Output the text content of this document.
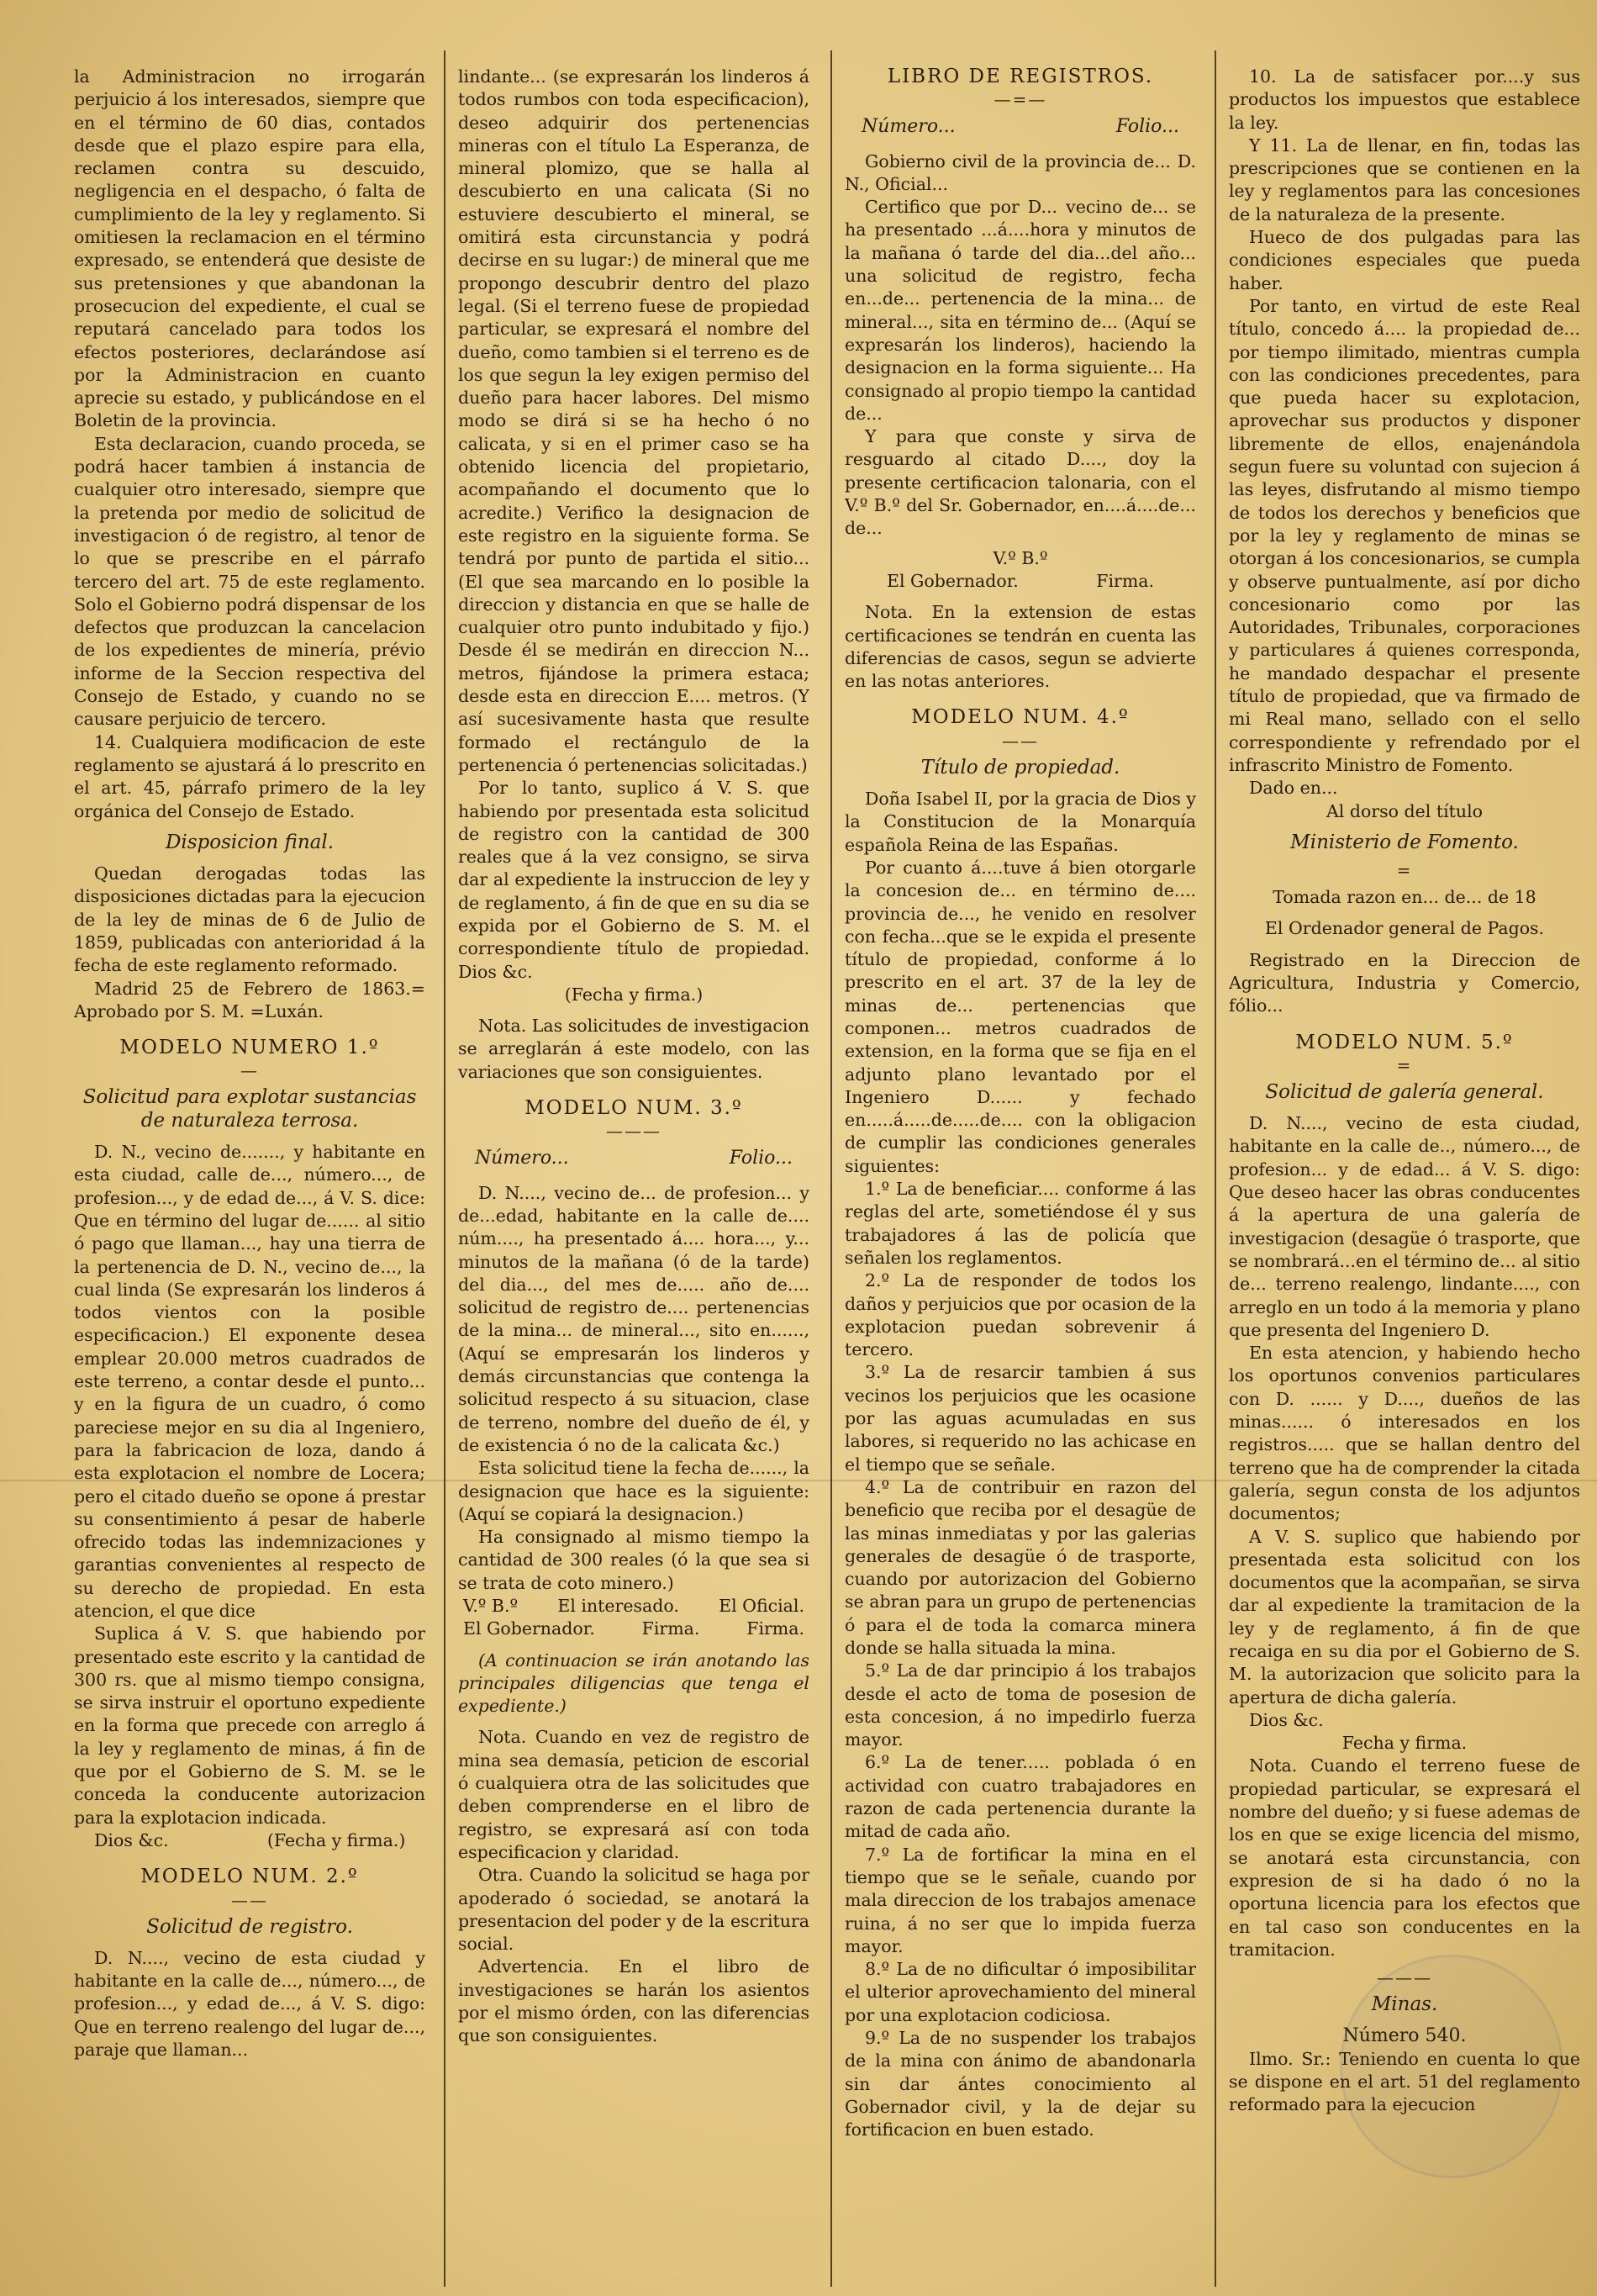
la Administracion no irrogarán perjuicio á los interesados, siempre que en el término de 60 dias, contados desde que el plazo espire para ella, reclamen contra su descuido, negligencia en el despacho, ó falta de cumplimiento de la ley y reglamento. Si omitiesen la reclamacion en el término expresado, se entenderá que desiste de sus pretensiones y que abandonan la prosecucion del expediente, el cual se reputará cancelado para todos los efectos posteriores, declarándose así por la Administracion en cuanto aprecie su estado, y publicándose en el Boletin de la provincia.

Esta declaracion, cuando proceda, se podrá hacer tambien á instancia de cualquier otro interesado, siempre que la pretenda por medio de solicitud de investigacion ó de registro, al tenor de lo que se prescribe en el párrafo tercero del art. 75 de este reglamento. Solo el Gobierno podrá dispensar de los defectos que produzcan la cancelacion de los expedientes de minería, prévio informe de la Seccion respectiva del Consejo de Estado, y cuando no se causare perjuicio de tercero.

14. Cualquiera modificacion de este reglamento se ajustará á lo prescrito en el art. 45, párrafo primero de la ley orgánica del Consejo de Estado.

Disposicion final.

Quedan derogadas todas las disposiciones dictadas para la ejecucion de la ley de minas de 6 de Julio de 1859, publicadas con anterioridad á la fecha de este reglamento reformado.

Madrid 25 de Febrero de 1863.= Aprobado por S. M. =Luxán.

MODELO NUMERO 1.º
—
Solicitud para explotar sustancias de naturaleza terrosa.

D. N., vecino de......., y habitante en esta ciudad, calle de..., número..., de profesion..., y de edad de..., á V. S. dice: Que en término del lugar de...... al sitio ó pago que llaman..., hay una tierra de la pertenencia de D. N., vecino de..., la cual linda (Se expresarán los linderos á todos vientos con la posible especificacion.) El exponente desea emplear 20.000 metros cuadrados de este terreno, a contar desde el punto... y en la figura de un cuadro, ó como pareciese mejor en su dia al Ingeniero, para la fabricacion de loza, dando á esta explotacion el nombre de Locera; pero el citado dueño se opone á prestar su consentimiento á pesar de haberle ofrecido todas las indemnizaciones y garantias convenientes al respecto de su derecho de propiedad. En esta atencion, el que dice

Suplica á V. S. que habiendo por presentado este escrito y la cantidad de 300 rs. que al mismo tiempo consigna, se sirva instruir el oportuno expediente en la forma que precede con arreglo á la ley y reglamento de minas, á fin de que por el Gobierno de S. M. se le conceda la conducente autorizacion para la explotacion indicada.

Dios &c.                  (Fecha y firma.)

MODELO NUM. 2.º
——
Solicitud de registro.

D. N...., vecino de esta ciudad y habitante en la calle de..., número..., de profesion..., y edad de..., á V. S. digo: Que en terreno realengo del lugar de..., paraje que llaman...

lindante... (se expresarán los linderos á todos rumbos con toda especificacion), deseo adquirir dos pertenencias mineras con el título La Esperanza, de mineral plomizo, que se halla al descubierto en una calicata (Si no estuviere descubierto el mineral, se omitirá esta circunstancia y podrá decirse en su lugar:) de mineral que me propongo descubrir dentro del plazo legal. (Si el terreno fuese de propiedad particular, se expresará el nombre del dueño, como tambien si el terreno es de los que segun la ley exigen permiso del dueño para hacer labores. Del mismo modo se dirá si se ha hecho ó no calicata, y si en el primer caso se ha obtenido licencia del propietario, acompañando el documento que lo acredite.) Verifico la designacion de este registro en la siguiente forma. Se tendrá por punto de partida el sitio... (El que sea marcando en lo posible la direccion y distancia en que se halle de cualquier otro punto indubitado y fijo.) Desde él se medirán en direccion N... metros, fijándose la primera estaca; desde esta en direccion E.... metros. (Y así sucesivamente hasta que resulte formado el rectángulo de la pertenencia ó pertenencias solicitadas.)

Por lo tanto, suplico á V. S. que habiendo por presentada esta solicitud de registro con la cantidad de 300 reales que á la vez consigno, se sirva dar al expediente la instruccion de ley y de reglamento, á fin de que en su dia se expida por el Gobierno de S. M. el correspondiente título de propiedad. Dios &c.

(Fecha y firma.)

Nota. Las solicitudes de investigacion se arreglarán á este modelo, con las variaciones que son consiguientes.

MODELO NUM. 3.º
———
Número...	Folio...

D. N...., vecino de... de profesion... y de...edad, habitante en la calle de.... núm...., ha presentado á.... hora..., y... minutos de la mañana (ó de la tarde) del dia..., del mes de..... año de.... solicitud de registro de.... pertenencias de la mina... de mineral..., sito en......, (Aquí se empresarán los linderos y demás circunstancias que contenga la solicitud respecto á su situacion, clase de terreno, nombre del dueño de él, y de existencia ó no de la calicata &c.)

Esta solicitud tiene la fecha de......, la designacion que hace es la siguiente: (Aquí se copiará la designacion.)

Ha consignado al mismo tiempo la cantidad de 300 reales (ó la que sea si se trata de coto minero.)

V.º B.º El interesado. El Oficial.
El Gobernador.	Firma.	Firma.

(A continuacion se irán anotando las principales diligencias que tenga el expediente.)

Nota. Cuando en vez de registro de mina sea demasía, peticion de escorial ó cualquiera otra de las solicitudes que deben comprenderse en el libro de registro, se expresará así con toda especificacion y claridad.

Otra. Cuando la solicitud se haga por apoderado ó sociedad, se anotará la presentacion del poder y de la escritura social.

Advertencia. En el libro de investigaciones se harán los asientos por el mismo órden, con las diferencias que son consiguientes.

LIBRO DE REGISTROS.
—=—
Número...	Folio...

Gobierno civil de la provincia de... D. N., Oficial...

Certifico que por D... vecino de... se ha presentado ...á....hora y minutos de la mañana ó tarde del dia...del año... una solicitud de registro, fecha en...de... pertenencia de la mina... de mineral..., sita en término de... (Aquí se expresarán los linderos), haciendo la designacion en la forma siguiente... Ha consignado al propio tiempo la cantidad de...

Y para que conste y sirva de resguardo al citado D...., doy la presente certificacion talonaria, con el V.º B.º del Sr. Gobernador, en....á....de... de...

V.º B.º
El Gobernador.	Firma.

Nota. En la extension de estas certificaciones se tendrán en cuenta las diferencias de casos, segun se advierte en las notas anteriores.

MODELO NUM. 4.º
——
Título de propiedad.

Doña Isabel II, por la gracia de Dios y la Constitucion de la Monarquía española Reina de las Españas.

Por cuanto á....tuve á bien otorgarle la concesion de... en término de.... provincia de..., he venido en resolver con fecha...que se le expida el presente título de propiedad, conforme á lo prescrito en el art. 37 de la ley de minas de... pertenencias que componen... metros cuadrados de extension, en la forma que se fija en el adjunto plano levantado por el Ingeniero D...... y fechado en.....á.....de.....de.... con la obligacion de cumplir las condiciones generales siguientes:

1.º La de beneficiar.... conforme á las reglas del arte, sometiéndose él y sus trabajadores á las de policía que señalen los reglamentos.

2.º La de responder de todos los daños y perjuicios que por ocasion de la explotacion puedan sobrevenir á tercero.

3.º La de resarcir tambien á sus vecinos los perjuicios que les ocasione por las aguas acumuladas en sus labores, si requerido no las achicase en el tiempo que se señale.

4.º La de contribuir en razon del beneficio que reciba por el desagüe de las minas inmediatas y por las galerias generales de desagüe ó de trasporte, cuando por autorizacion del Gobierno se abran para un grupo de pertenencias ó para el de toda la comarca minera donde se halla situada la mina.

5.º La de dar principio á los trabajos desde el acto de toma de posesion de esta concesion, á no impedirlo fuerza mayor.

6.º La de tener..... poblada ó en actividad con cuatro trabajadores en razon de cada pertenencia durante la mitad de cada año.

7.º La de fortificar la mina en el tiempo que se le señale, cuando por mala direccion de los trabajos amenace ruina, á no ser que lo impida fuerza mayor.

8.º La de no dificultar ó imposibilitar el ulterior aprovechamiento del mineral por una explotacion codiciosa.

9.º La de no suspender los trabajos de la mina con ánimo de abandonarla sin dar ántes conocimiento al Gobernador civil, y la de dejar su fortificacion en buen estado.

10. La de satisfacer por....y sus productos los impuestos que establece la ley.

Y 11. La de llenar, en fin, todas las prescripciones que se contienen en la ley y reglamentos para las concesiones de la naturaleza de la presente.

Hueco de dos pulgadas para las condiciones especiales que pueda haber.

Por tanto, en virtud de este Real título, concedo á.... la propiedad de... por tiempo ilimitado, mientras cumpla con las condiciones precedentes, para que pueda hacer su explotacion, aprovechar sus productos y disponer libremente de ellos, enajenándola segun fuere su voluntad con sujecion á las leyes, disfrutando al mismo tiempo de todos los derechos y beneficios que por la ley y reglamento de minas se otorgan á los concesionarios, se cumpla y observe puntualmente, así por dicho concesionario como por las Autoridades, Tribunales, corporaciones y particulares á quienes corresponda, he mandado despachar el presente título de propiedad, que va firmado de mi Real mano, sellado con el sello correspondiente y refrendado por el infrascrito Ministro de Fomento.

Dado en...

Al dorso del título

Ministerio de Fomento.
=

Tomada razon en... de... de 18

El Ordenador general de Pagos.

Registrado en la Direccion de Agricultura, Industria y Comercio, fólio...

MODELO NUM. 5.º
=
Solicitud de galería general.

D. N...., vecino de esta ciudad, habitante en la calle de.., número..., de profesion... y de edad... á V. S. digo: Que deseo hacer las obras conducentes á la apertura de una galería de investigacion (desagüe ó trasporte, que se nombrará...en el término de... al sitio de... terreno realengo, lindante...., con arreglo en un todo á la memoria y plano que presenta del Ingeniero D.

En esta atencion, y habiendo hecho los oportunos convenios particulares con D. ...... y D...., dueños de las minas...... ó interesados en los registros..... que se hallan dentro del terreno que ha de comprender la citada galería, segun consta de los adjuntos documentos;

A V. S. suplico que habiendo por presentada esta solicitud con los documentos que la acompañan, se sirva dar al expediente la tramitacion de la ley y de reglamento, á fin de que recaiga en su dia por el Gobierno de S. M. la autorizacion que solicito para la apertura de dicha galería.

Dios &c.

Fecha y firma.

Nota. Cuando el terreno fuese de propiedad particular, se expresará el nombre del dueño; y si fuese ademas de los en que se exige licencia del mismo, se anotará esta circunstancia, con expresion de si ha dado ó no la oportuna licencia para los efectos que en tal caso son conducentes en la tramitacion.

———
Minas.
Número 540.

Ilmo. Sr.: Teniendo en cuenta lo que se dispone en el art. 51 del reglamento reformado para la ejecucion
